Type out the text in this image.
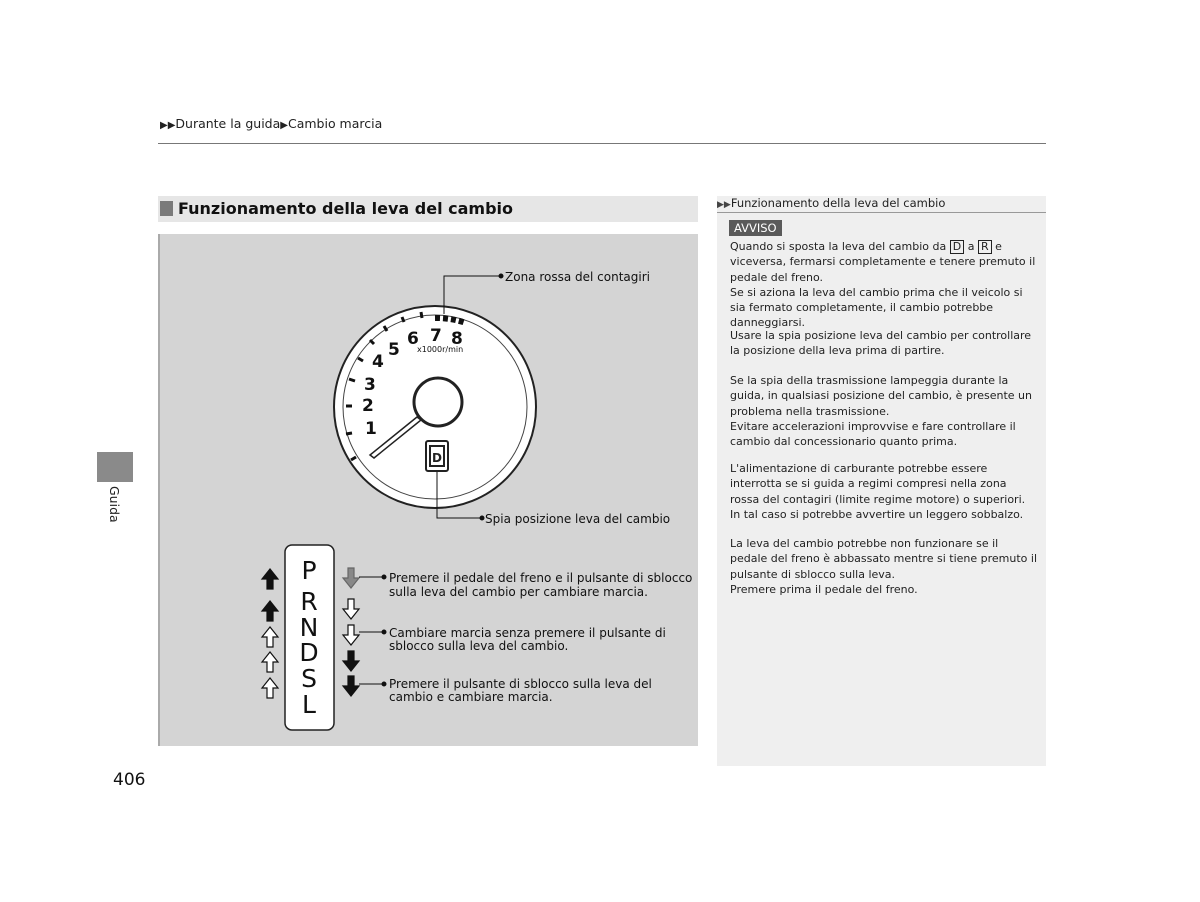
▶▶Durante la guida▶Cambio marcia
Funzionamento della leva del cambio
1
2
3
4
5
6 7 8
x1000r/min
D
Zona rossa del contagiri
Spia posizione leva del cambio
P
R
N
D
S
L
Premere il pedale del freno e il pulsante di sblocco
sulla leva del cambio per cambiare marcia.
Cambiare marcia senza premere il pulsante di
sblocco sulla leva del cambio.
Premere il pulsante di sblocco sulla leva del
cambio e cambiare marcia.
Guida
406
▶▶Funzionamento della leva del cambio
AVVISO

Quando si sposta la leva del cambio da D a R e viceversa, fermarsi completamente e tenere premuto il pedale del freno.
Se si aziona la leva del cambio prima che il veicolo si sia fermato completamente, il cambio potrebbe danneggiarsi.

Usare la spia posizione leva del cambio per controllare la posizione della leva prima di partire.

Se la spia della trasmissione lampeggia durante la guida, in qualsiasi posizione del cambio, è presente un problema nella trasmissione.
Evitare accelerazioni improvvise e fare controllare il cambio dal concessionario quanto prima.

L'alimentazione di carburante potrebbe essere interrotta se si guida a regimi compresi nella zona rossa del contagiri (limite regime motore) o superiori. In tal caso si potrebbe avvertire un leggero sobbalzo.

La leva del cambio potrebbe non funzionare se il pedale del freno è abbassato mentre si tiene premuto il pulsante di sblocco sulla leva.
Premere prima il pedale del freno.
